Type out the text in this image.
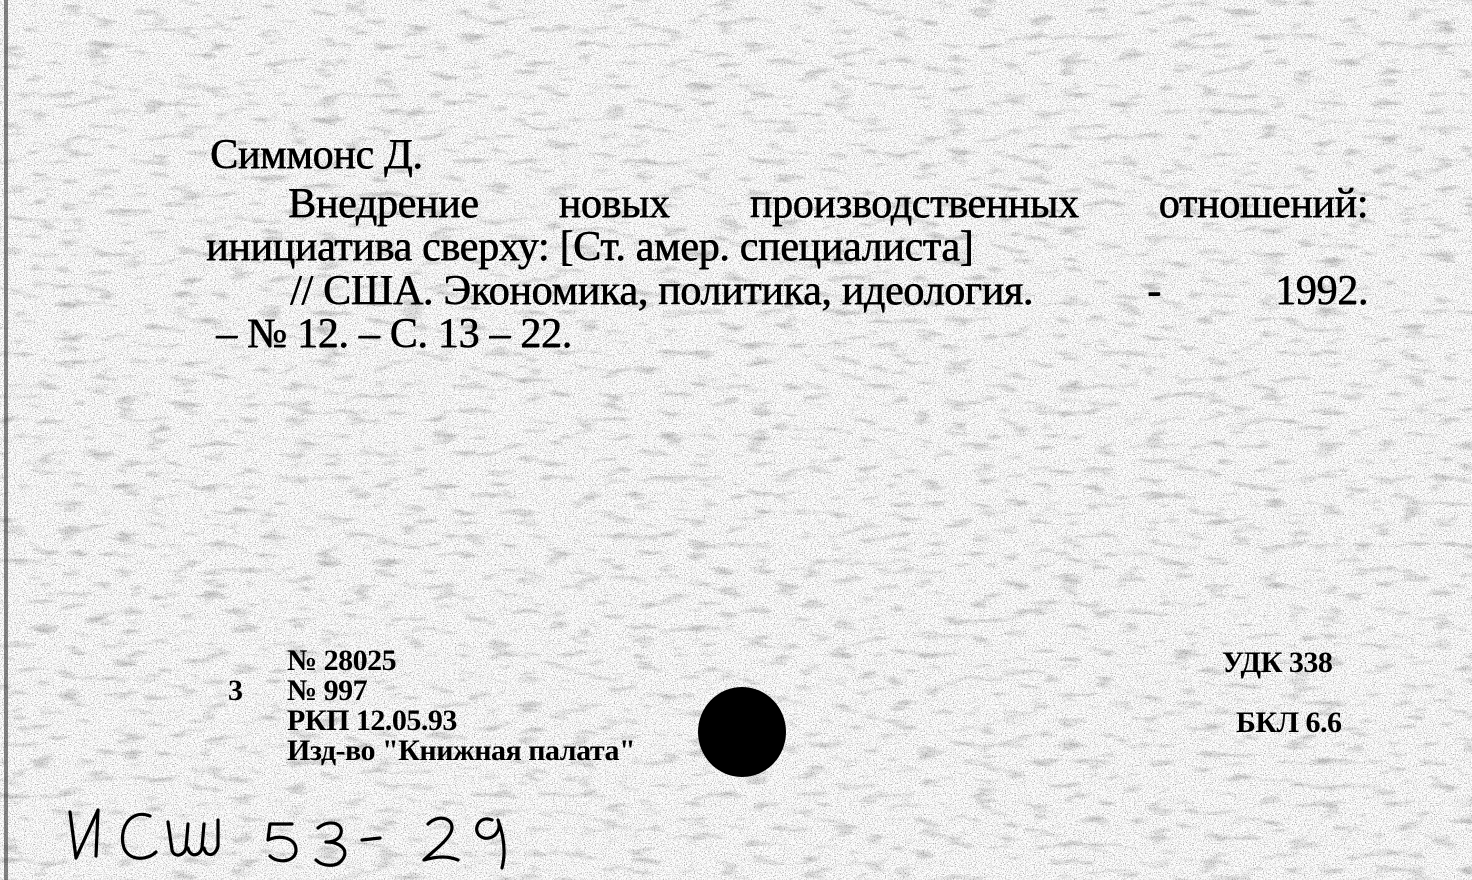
Симмонс Д.
Внедрение новых производственных отношений:
инициатива сверху: [Ст. амер. специалиста]
// США. Экономика, политика, идеология.	-	1992.
– № 12. – С. 13 – 22.
3
№ 28025
№ 997
РКП 12.05.93
Изд-во "Книжная палата"
УДК 338
БКЛ 6.6
